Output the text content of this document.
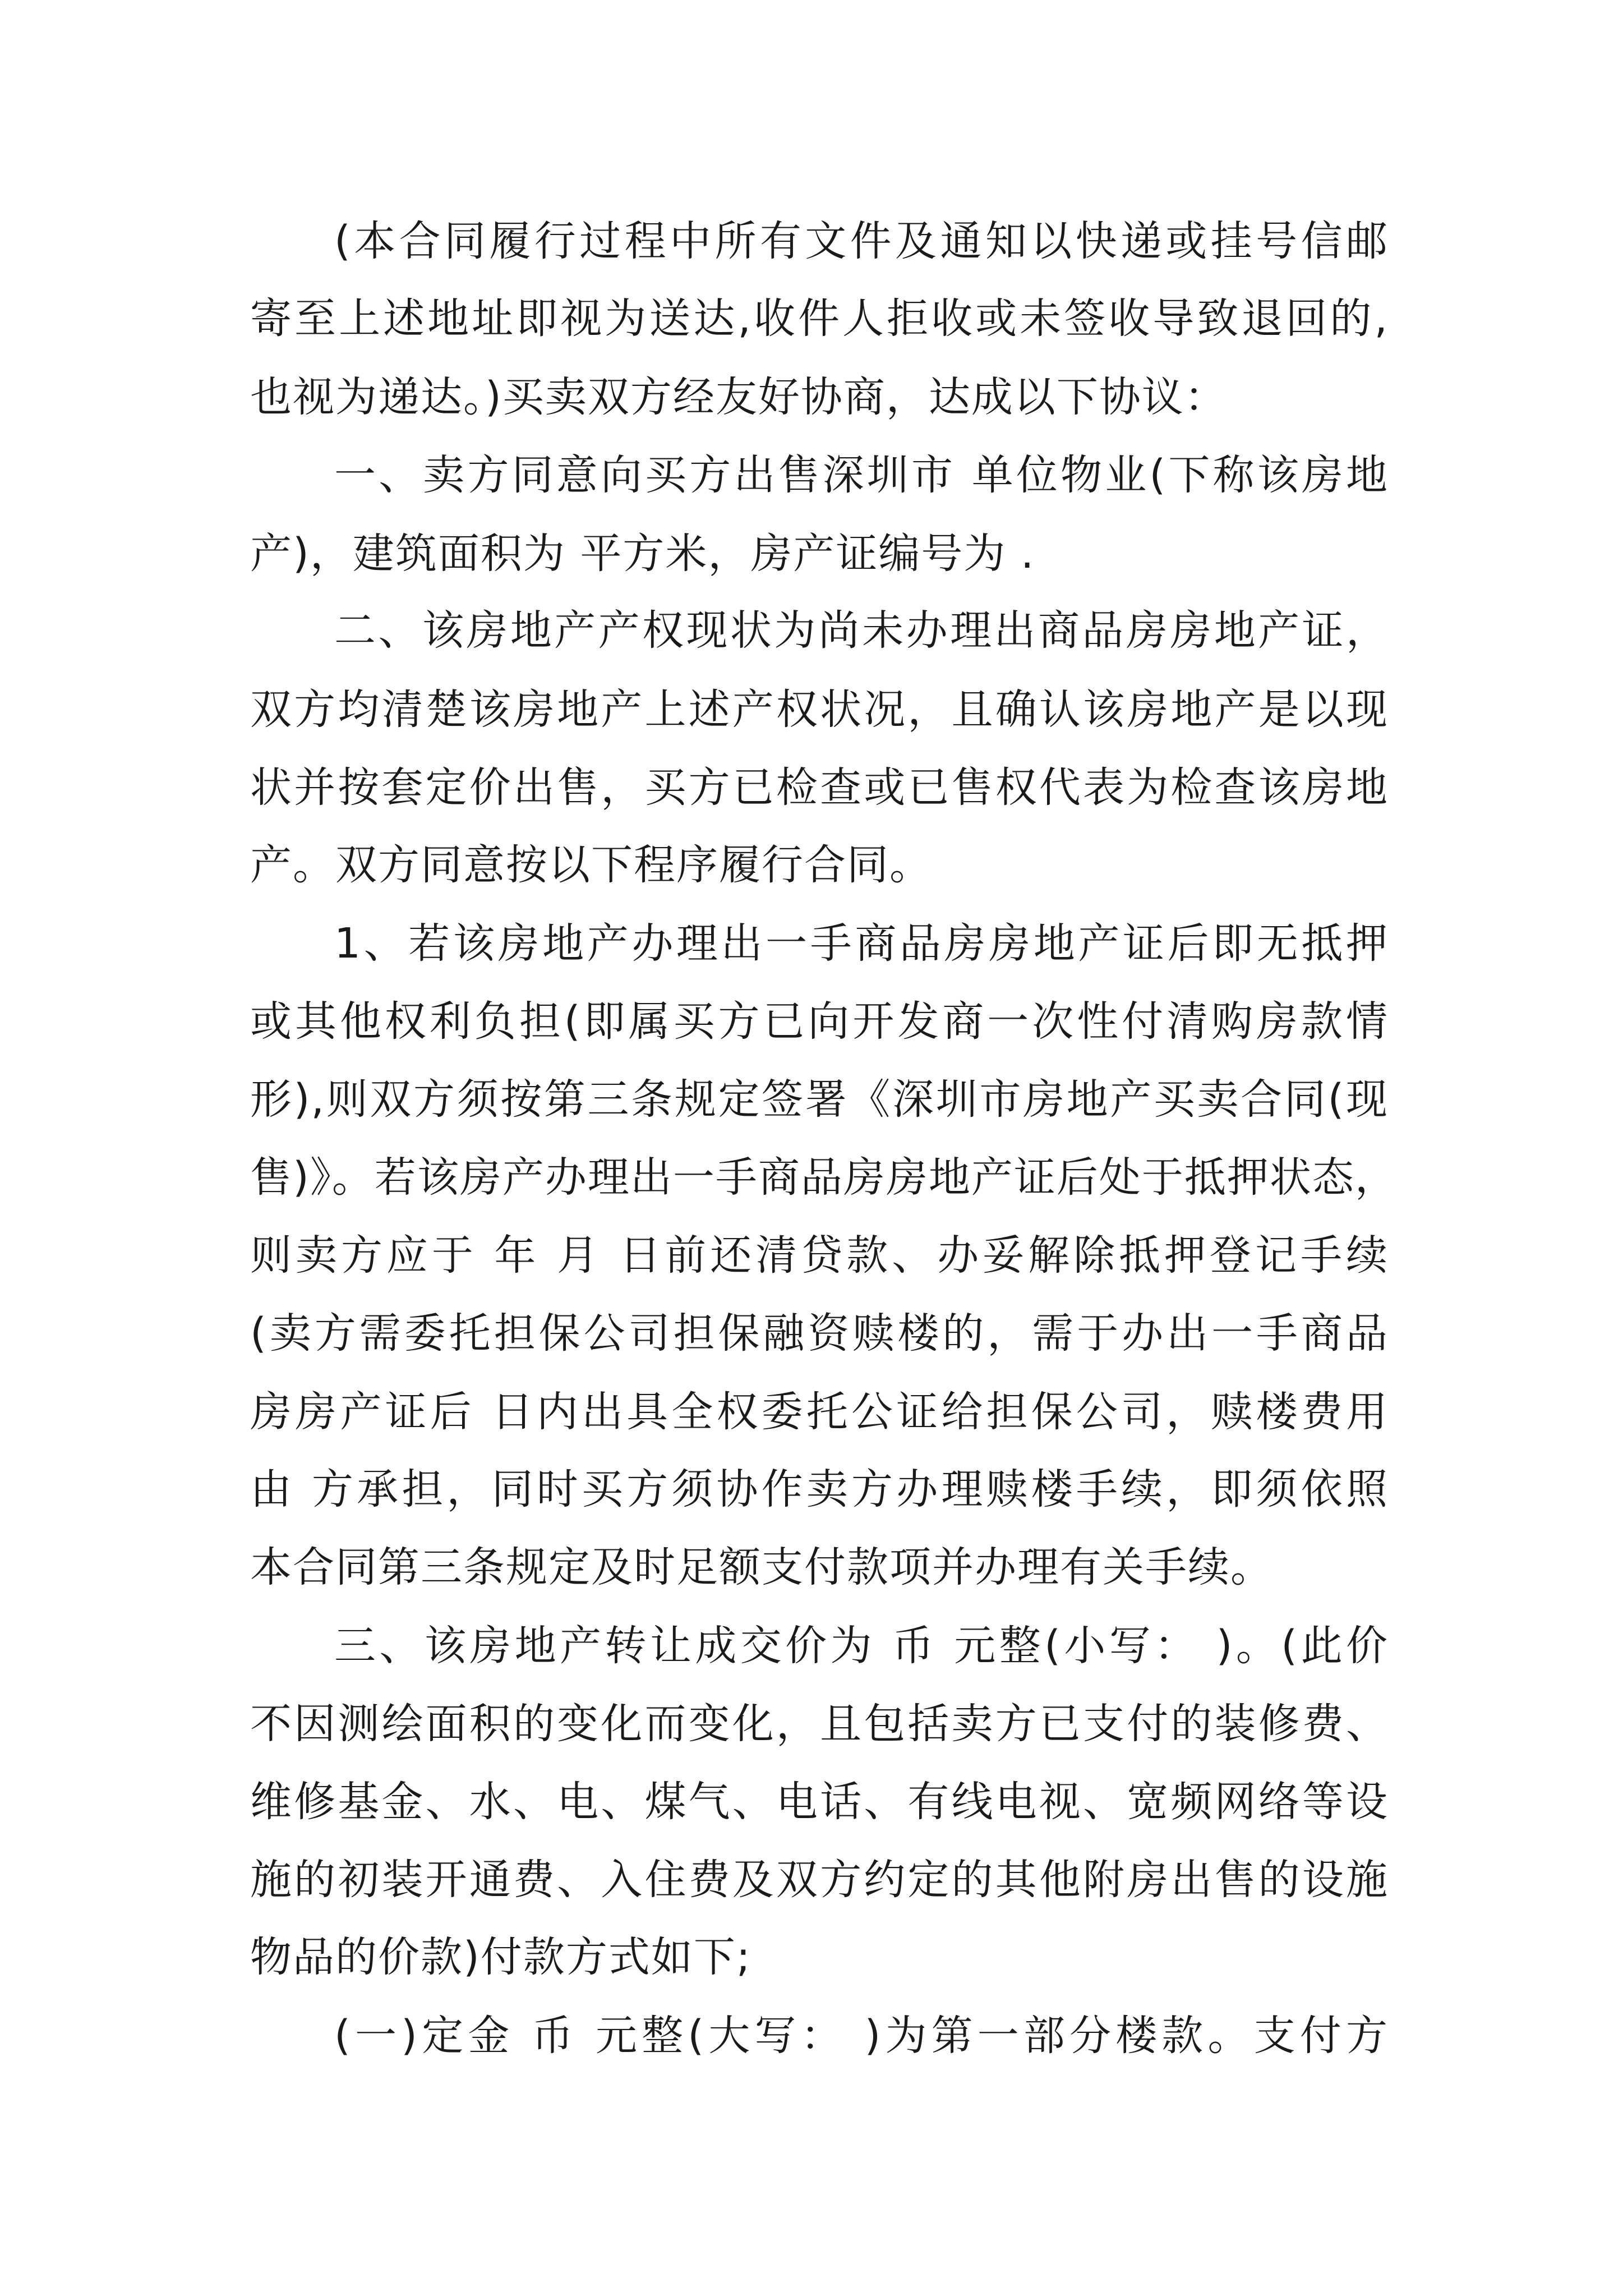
(本合同履行过程中所有文件及通知以快递或挂号信邮

寄至上述地址即视为送达,收件人拒收或未签收导致退回的,

也视为递达。)买卖双方经友好协商，达成以下协议：

一、卖方同意向买方出售深圳市 单位物业(下称该房地

产)，建筑面积为 平方米，房产证编号为 .

二、该房地产产权现状为尚未办理出商品房房地产证，

双方均清楚该房地产上述产权状况，且确认该房地产是以现

状并按套定价出售，买方已检查或已售权代表为检查该房地

产。双方同意按以下程序履行合同。

1、若该房地产办理出一手商品房房地产证后即无抵押

或其他权利负担(即属买方已向开发商一次性付清购房款情

形),则双方须按第三条规定签署《深圳市房地产买卖合同(现

售)》。若该房产办理出一手商品房房地产证后处于抵押状态，

则卖方应于 年 月 日前还清贷款、办妥解除抵押登记手续

(卖方需委托担保公司担保融资赎楼的，需于办出一手商品

房房产证后 日内出具全权委托公证给担保公司，赎楼费用

由 方承担，同时买方须协作卖方办理赎楼手续，即须依照

本合同第三条规定及时足额支付款项并办理有关手续。

三、该房地产转让成交价为 币 元整(小写： )。(此价

不因测绘面积的变化而变化，且包括卖方已支付的装修费、

维修基金、水、电、煤气、电话、有线电视、宽频网络等设

施的初装开通费、入住费及双方约定的其他附房出售的设施

物品的价款)付款方式如下;

(一)定金 币 元整(大写： )为第一部分楼款。支付方
